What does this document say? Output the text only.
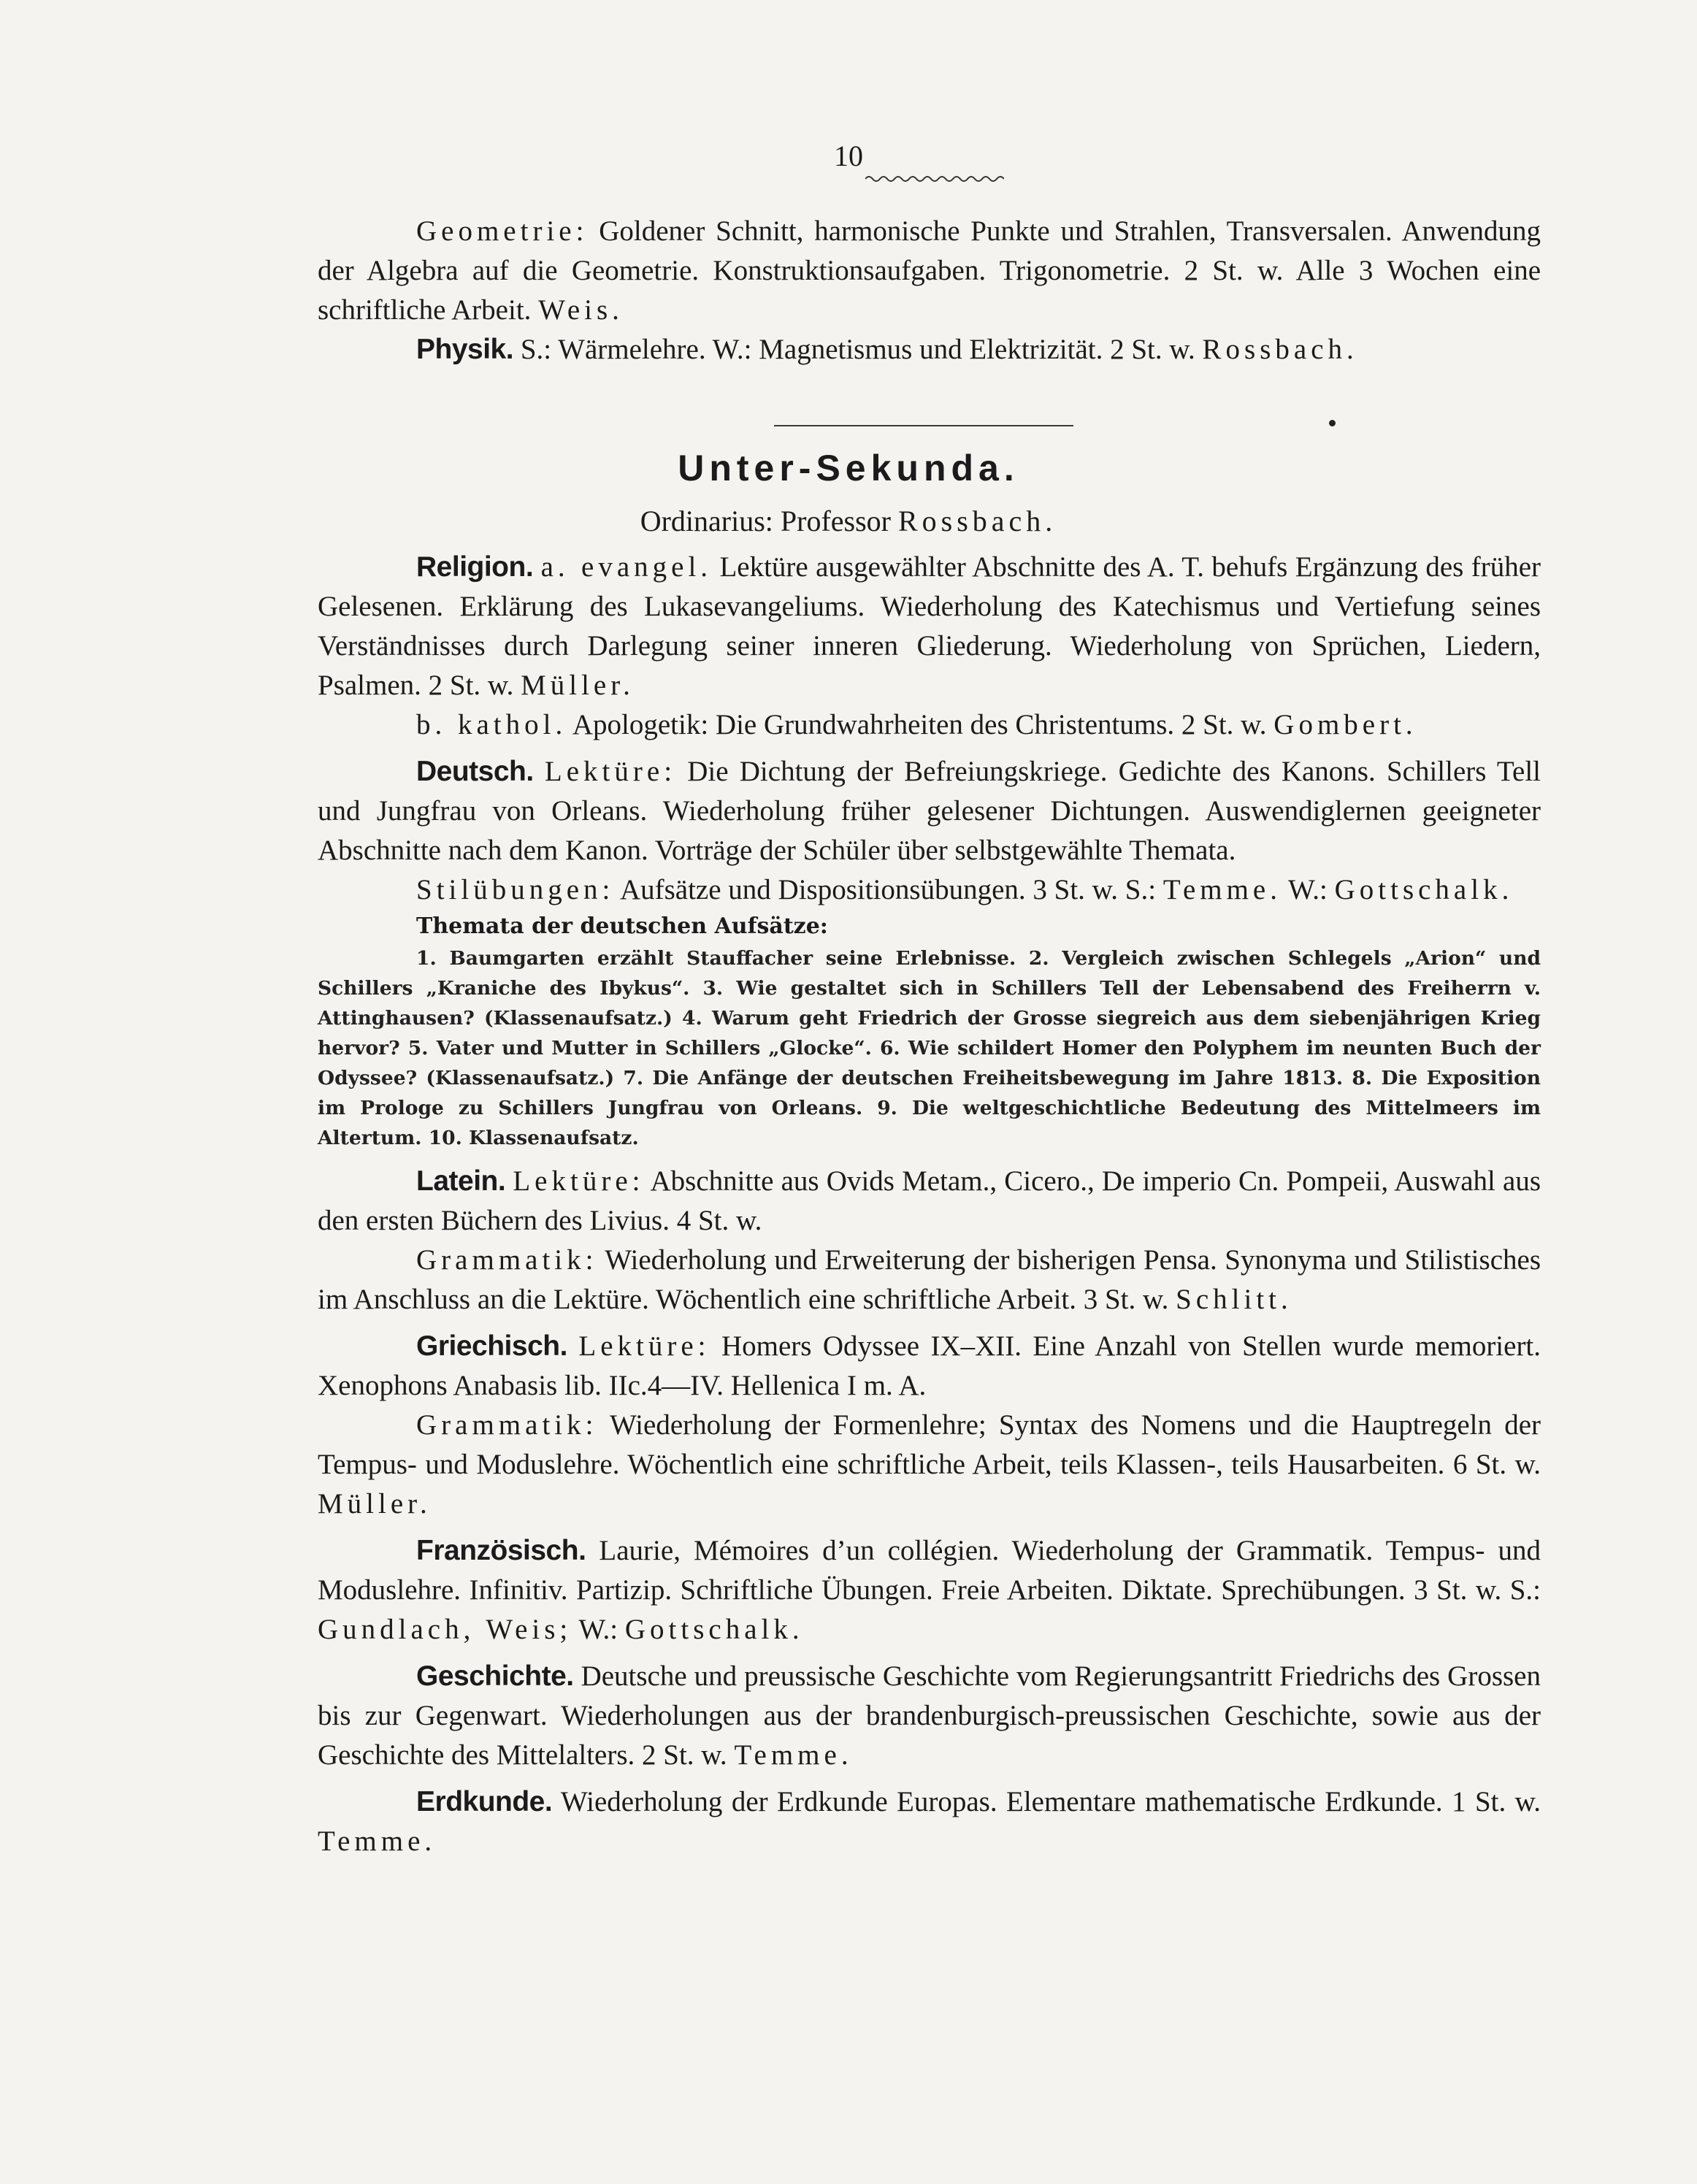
10

Geometrie: Goldener Schnitt, harmonische Punkte und Strahlen, Transversalen. Anwendung der Algebra auf die Geometrie. Konstruktionsaufgaben. Trigonometrie. 2 St. w. Alle 3 Wochen eine schriftliche Arbeit. Weis.

Physik. S.: Wärmelehre. W.: Magnetismus und Elektrizität. 2 St. w. Rossbach.

Unter-Sekunda.
Ordinarius: Professor Rossbach.

Religion. a. evangel. Lektüre ausgewählter Abschnitte des A. T. behufs Ergänzung des früher Gelesenen. Erklärung des Lukasevangeliums. Wiederholung des Katechismus und Vertiefung seines Verständnisses durch Darlegung seiner inneren Gliederung. Wiederholung von Sprüchen, Liedern, Psalmen. 2 St. w. Müller.

b. kathol. Apologetik: Die Grundwahrheiten des Christentums. 2 St. w. Gombert.

Deutsch. Lektüre: Die Dichtung der Befreiungskriege. Gedichte des Kanons. Schillers Tell und Jungfrau von Orleans. Wiederholung früher gelesener Dichtungen. Auswendiglernen geeigneter Abschnitte nach dem Kanon. Vorträge der Schüler über selbstgewählte Themata.

Stilübungen: Aufsätze und Dispositionsübungen. 3 St. w. S.: Temme. W.: Gottschalk.

Themata der deutschen Aufsätze:

1. Baumgarten erzählt Stauffacher seine Erlebnisse. 2. Vergleich zwischen Schlegels „Arion“ und Schillers „Kraniche des Ibykus“. 3. Wie gestaltet sich in Schillers Tell der Lebensabend des Freiherrn v. Attinghausen? (Klassenaufsatz.) 4. Warum geht Friedrich der Grosse siegreich aus dem siebenjährigen Krieg hervor? 5. Vater und Mutter in Schillers „Glocke“. 6. Wie schildert Homer den Polyphem im neunten Buch der Odyssee? (Klassenaufsatz.) 7. Die Anfänge der deutschen Freiheitsbewegung im Jahre 1813. 8. Die Exposition im Prologe zu Schillers Jungfrau von Orleans. 9. Die weltgeschichtliche Bedeutung des Mittelmeers im Altertum. 10. Klassenaufsatz.

Latein. Lektüre: Abschnitte aus Ovids Metam., Cicero., De imperio Cn. Pompeii, Auswahl aus den ersten Büchern des Livius. 4 St. w.

Grammatik: Wiederholung und Erweiterung der bisherigen Pensa. Synonyma und Stilistisches im Anschluss an die Lektüre. Wöchentlich eine schriftliche Arbeit. 3 St. w. Schlitt.

Griechisch. Lektüre: Homers Odyssee IX–XII. Eine Anzahl von Stellen wurde memoriert. Xenophons Anabasis lib. IIc.4—IV. Hellenica I m. A.

Grammatik: Wiederholung der Formenlehre; Syntax des Nomens und die Hauptregeln der Tempus- und Moduslehre. Wöchentlich eine schriftliche Arbeit, teils Klassen-, teils Hausarbeiten. 6 St. w. Müller.

Französisch. Laurie, Mémoires d’un collégien. Wiederholung der Grammatik. Tempus- und Moduslehre. Infinitiv. Partizip. Schriftliche Übungen. Freie Arbeiten. Diktate. Sprechübungen. 3 St. w. S.: Gundlach, Weis; W.: Gottschalk.

Geschichte. Deutsche und preussische Geschichte vom Regierungsantritt Friedrichs des Grossen bis zur Gegenwart. Wiederholungen aus der brandenburgisch-preussischen Geschichte, sowie aus der Geschichte des Mittelalters. 2 St. w. Temme.

Erdkunde. Wiederholung der Erdkunde Europas. Elementare mathematische Erdkunde. 1 St. w. Temme.
